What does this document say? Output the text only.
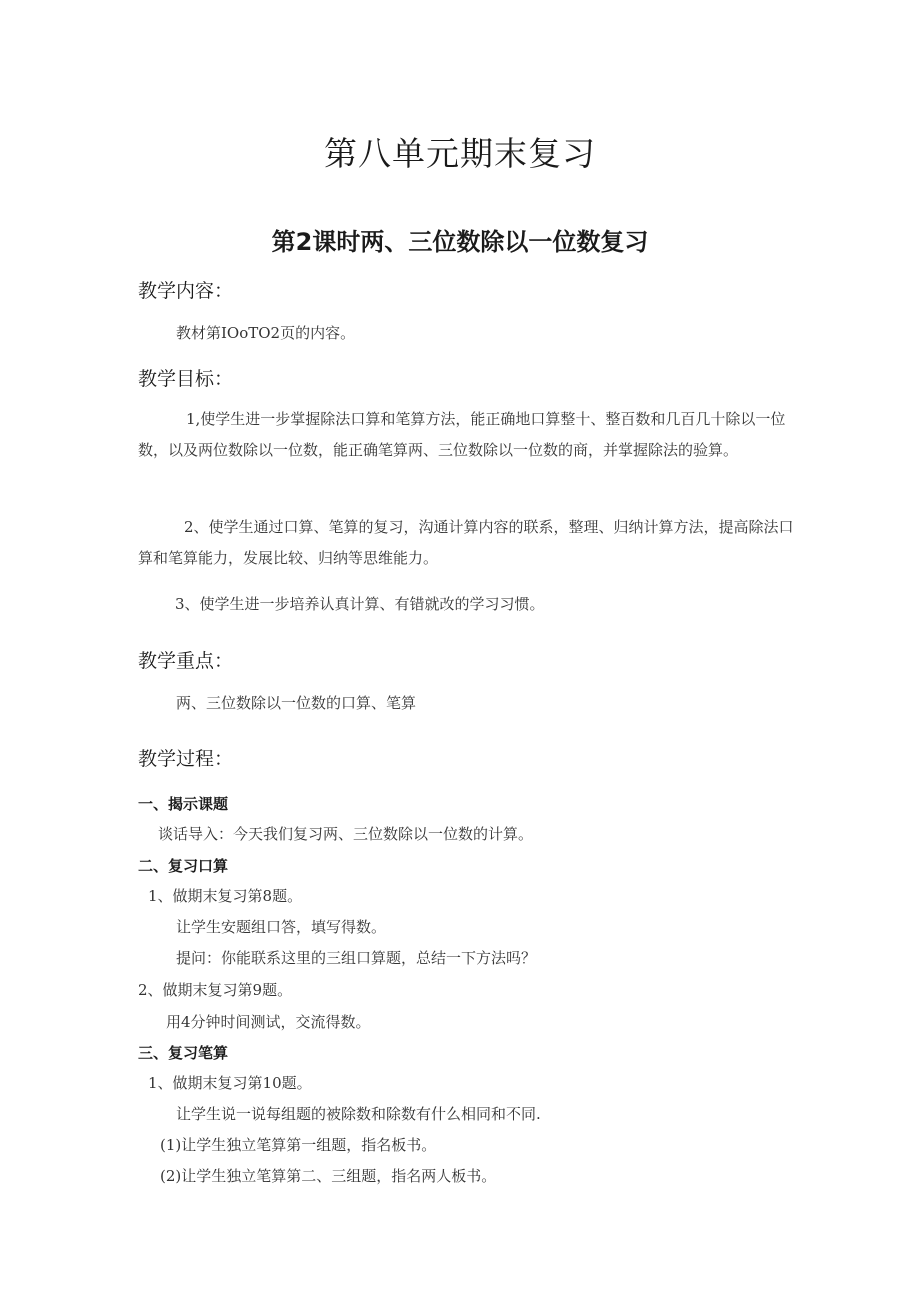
第八单元期末复习
第2课时两、三位数除以一位数复习
教学内容：
教材第IOoTO2页的内容。
教学目标：

1,使学生进一步掌握除法口算和笔算方法，能正确地口算整十、整百数和几百几十除以一位数，以及两位数除以一位数，能正确笔算两、三位数除以一位数的商，并掌握除法的验算。

2、使学生通过口算、笔算的复习，沟通计算内容的联系，整理、归纳计算方法，提高除法口算和笔算能力，发展比较、归纳等思维能力。

3、使学生进一步培养认真计算、有错就改的学习习惯。
教学重点：
两、三位数除以一位数的口算、笔算
教学过程：
一、揭示课题
谈话导入：今天我们复习两、三位数除以一位数的计算。
二、复习口算
1、做期末复习第8题。
让学生安题组口答，填写得数。
提问：你能联系这里的三组口算题，总结一下方法吗？
2、做期末复习第9题。
用4分钟时间测试，交流得数。
三、复习笔算
1、做期末复习第10题。
让学生说一说每组题的被除数和除数有什么相同和不同.
(1)让学生独立笔算第一组题，指名板书。
(2)让学生独立笔算第二、三组题，指名两人板书。
